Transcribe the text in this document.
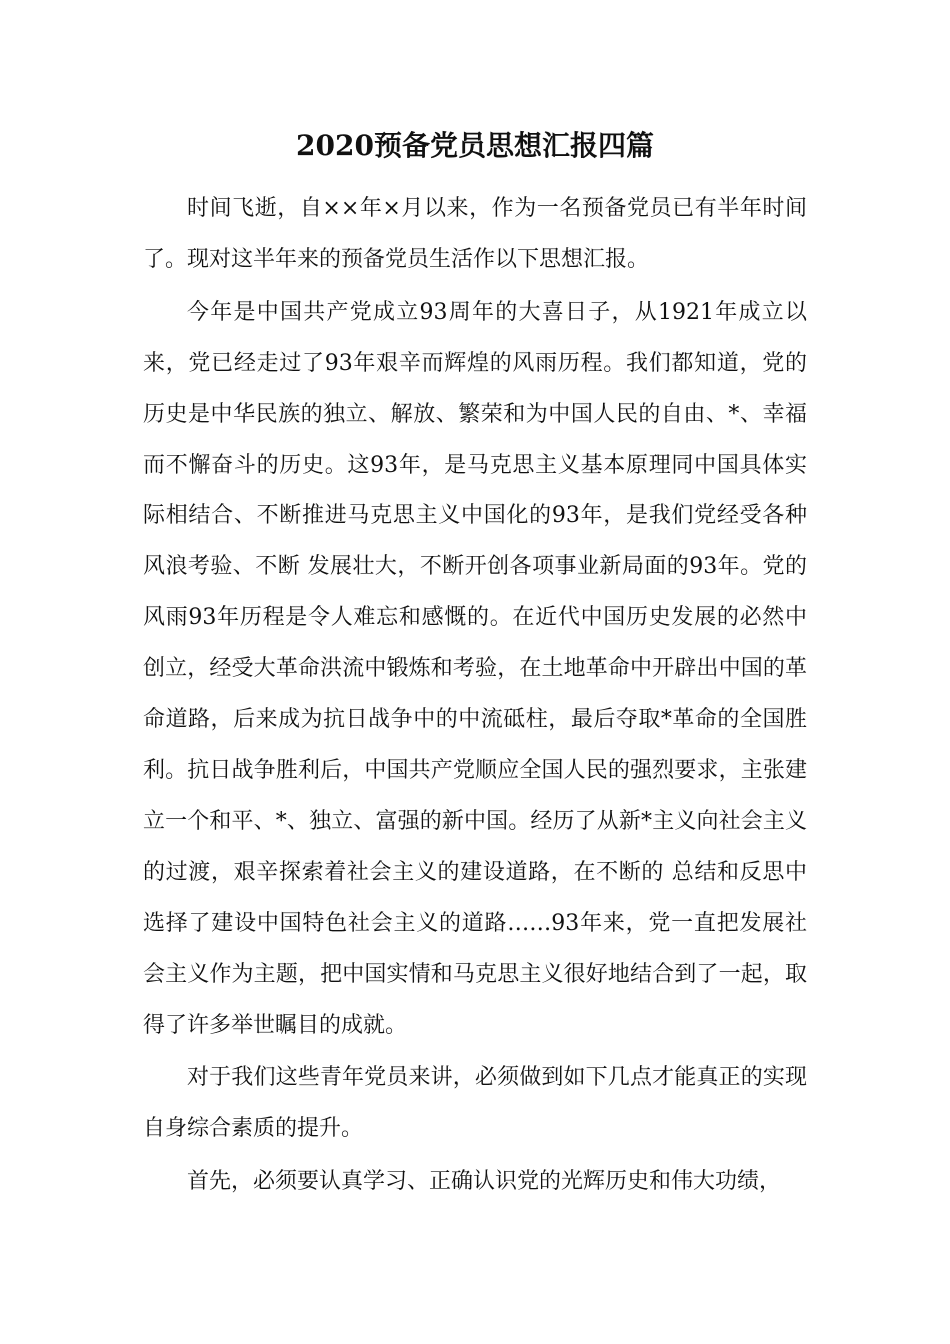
2020预备党员思想汇报四篇

时间飞逝，自××年×月以来，作为一名预备党员已有半年时间了。现对这半年来的预备党员生活作以下思想汇报。

今年是中国共产党成立93周年的大喜日子，从1921年成立以来，党已经走过了93年艰辛而辉煌的风雨历程。我们都知道，党的历史是中华民族的独立、解放、繁荣和为中国人民的自由、*、幸福而不懈奋斗的历史。这93年，是马克思主义基本原理同中国具体实际相结合、不断推进马克思主义中国化的93年，是我们党经受各种风浪考验、不断 发展壮大，不断开创各项事业新局面的93年。党的风雨93年历程是令人难忘和感慨的。在近代中国历史发展的必然中创立，经受大革命洪流中锻炼和考验，在土地革命中开辟出中国的革命道路，后来成为抗日战争中的中流砥柱，最后夺取*革命的全国胜利。抗日战争胜利后，中国共产党顺应全国人民的强烈要求，主张建立一个和平、*、独立、富强的新中国。经历了从新*主义向社会主义的过渡，艰辛探索着社会主义的建设道路，在不断的 总结和反思中选择了建设中国特色社会主义的道路……93年来，党一直把发展社会主义作为主题，把中国实情和马克思主义很好地结合到了一起，取得了许多举世瞩目的成就。

对于我们这些青年党员来讲，必须做到如下几点才能真正的实现自身综合素质的提升。

首先，必须要认真学习、正确认识党的光辉历史和伟大功绩，
